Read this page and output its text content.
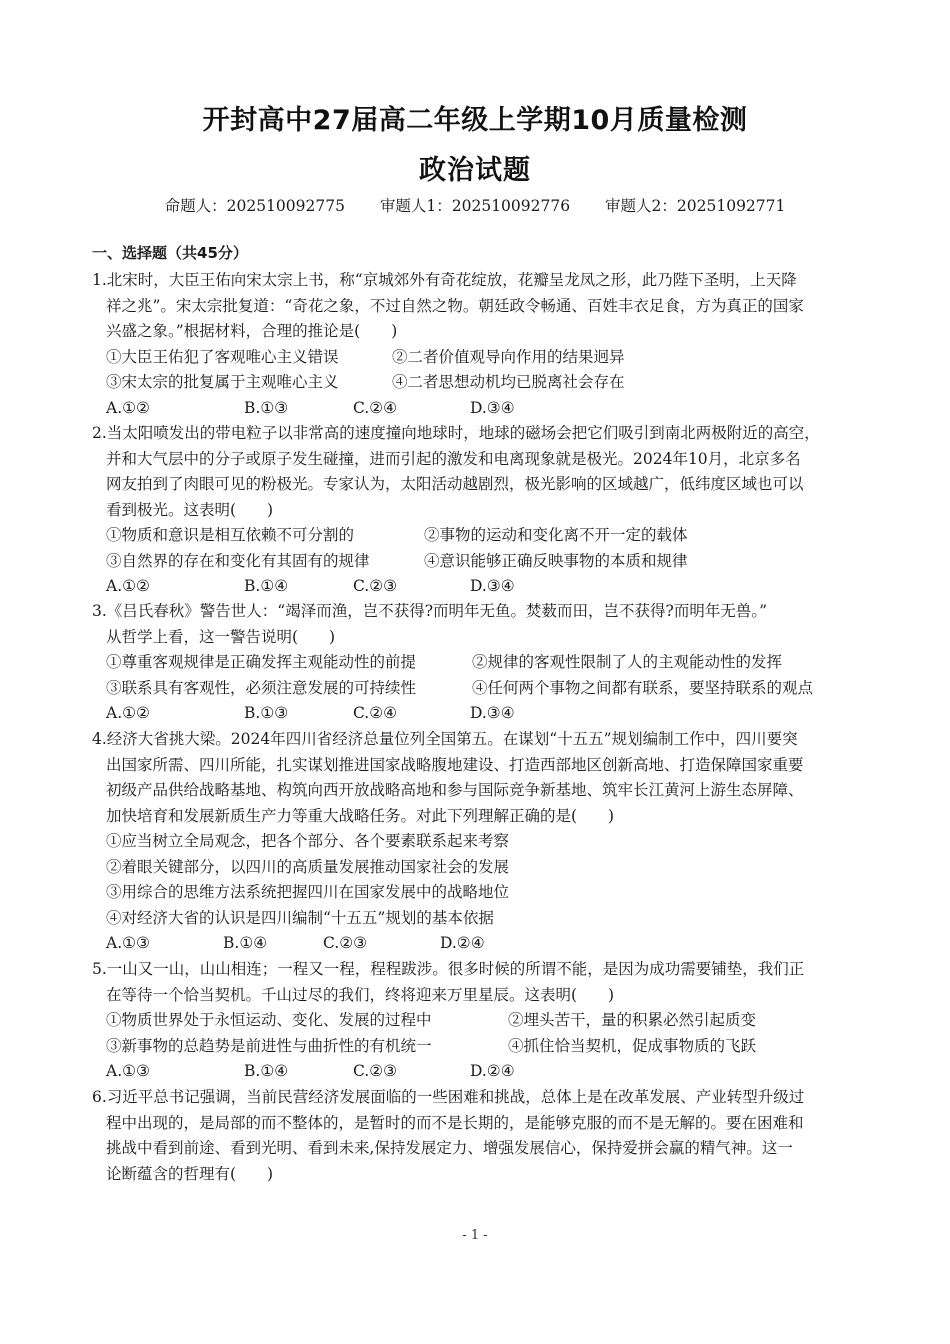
开封高中27届高二年级上学期10月质量检测
政治试题
命题人：202510092775 审题人1：202510092776 审题人2：20251092771
一、选择题（共45分）
1.北宋时，大臣王佑向宋太宗上书，称“京城郊外有奇花绽放，花瓣呈龙凤之形，此乃陛下圣明，上天降
祥之兆”。宋太宗批复道：“奇花之象，不过自然之物。朝廷政令畅通、百姓丰衣足食，方为真正的国家
兴盛之象。”根据材料，合理的推论是(　　)
①大臣王佑犯了客观唯心主义错误	②二者价值观导向作用的结果迥异
③宋太宗的批复属于主观唯心主义	④二者思想动机均已脱离社会存在
A.①②	B.①③	C.②④	D.③④
2.当太阳喷发出的带电粒子以非常高的速度撞向地球时，地球的磁场会把它们吸引到南北两极附近的高空，
并和大气层中的分子或原子发生碰撞，进而引起的激发和电离现象就是极光。2024年10月，北京多名
网友拍到了肉眼可见的粉极光。专家认为，太阳活动越剧烈，极光影响的区域越广，低纬度区域也可以
看到极光。这表明(　　)
①物质和意识是相互依赖不可分割的	②事物的运动和变化离不开一定的载体
③自然界的存在和变化有其固有的规律	④意识能够正确反映事物的本质和规律
A.①②	B.①④	C.②③	D.③④
3.《吕氏春秋》警告世人：“竭泽而渔，岂不获得?而明年无鱼。焚薮而田，岂不获得?而明年无兽。”
从哲学上看，这一警告说明(　　)
①尊重客观规律是正确发挥主观能动性的前提	②规律的客观性限制了人的主观能动性的发挥
③联系具有客观性，必须注意发展的可持续性	④任何两个事物之间都有联系，要坚持联系的观点
A.①②	B.①③	C.②④	D.③④
4.经济大省挑大梁。2024年四川省经济总量位列全国第五。在谋划“十五五”规划编制工作中，四川要突
出国家所需、四川所能，扎实谋划推进国家战略腹地建设、打造西部地区创新高地、打造保障国家重要
初级产品供给战略基地、构筑向西开放战略高地和参与国际竞争新基地、筑牢长江黄河上游生态屏障、
加快培育和发展新质生产力等重大战略任务。对此下列理解正确的是(　　)
①应当树立全局观念，把各个部分、各个要素联系起来考察
②着眼关键部分，以四川的高质量发展推动国家社会的发展
③用综合的思维方法系统把握四川在国家发展中的战略地位
④对经济大省的认识是四川编制“十五五”规划的基本依据
A.①③	B.①④	C.②③	D.②④
5.一山又一山，山山相连；一程又一程，程程跋涉。很多时候的所谓不能，是因为成功需要铺垫，我们正
在等待一个恰当契机。千山过尽的我们，终将迎来万里星辰。这表明(　　)
①物质世界处于永恒运动、变化、发展的过程中	②埋头苦干，量的积累必然引起质变
③新事物的总趋势是前进性与曲折性的有机统一	④抓住恰当契机，促成事物质的飞跃
A.①③	B.①④	C.②③	D.②④
6.习近平总书记强调，当前民营经济发展面临的一些困难和挑战，总体上是在改革发展、产业转型升级过
程中出现的，是局部的而不整体的，是暂时的而不是长期的，是能够克服的而不是无解的。要在困难和
挑战中看到前途、看到光明、看到未来,保持发展定力、增强发展信心，保持爱拼会赢的精气神。这一
论断蕴含的哲理有(　　)
- 1 -
